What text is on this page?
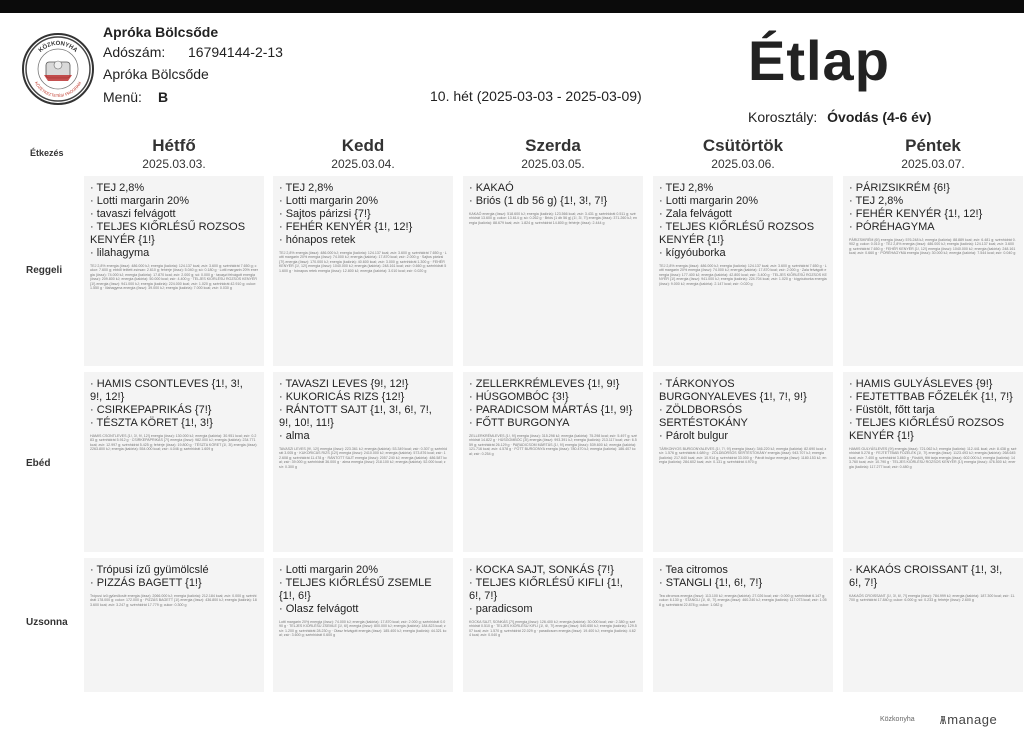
KÖZKONYHA
KÖZÉTKEZTETÉSI PROGRAM
Apróka Bölcsőde
Adószám: 16794144-2-13
Apróka Bölcsőde
Menü: B
Étlap
10. hét (2025-03-03 - 2025-03-09)
Korosztály: Óvodás (4-6 év)
Étkezés	Hétfő
2025.03.03.
Kedd
2025.03.04.
Szerda
2025.03.05.
Csütörtök
2025.03.06.
Péntek
2025.03.07.
Reggeli
Ebéd
Uzsonna
· TEJ 2,8%
· Lotti margarin 20%
· tavaszi felvágott
· TELJES KIŐRLÉSŰ ROZSOS KENYÉR {1!}
· lilahagyma
TEJ 2,8% energia (össz): 486.000 kJ; energia (kalória): 124.137 kcal; zsír: 3.600 g; szénhidrát 7.650 g; cukor: 7.600 g; ebből telített zsírsav: 2.610 g; fehérje (össz): 5.040 g; só: 0.180 g · Lotti margarin 20% energia (össz): 74.000 kJ; energia (kalória): 17.870 kcal; zsír: 2.000 g; só: 0.000 g · tavaszi felvágott energia (össz): 209.800 kJ; energia (kalória): 50.000 kcal; zsír: 4.400 g · TELJES KIŐRLÉSŰ ROZSOS KENYÉR {1!} energia (össz): 941.000 kJ; energia (kalória): 224.000 kcal; zsír: 1.020 g; szénhidrát 42.910 g; cukor: 1.550 g · lilahagyma energia (össz): 39.000 kJ; energia (kalória): 7.000 kcal; zsír: 0.030 g
· TEJ 2,8%
· Lotti margarin 20%
· Sajtos párizsi {7!}
· FEHÉR KENYÉR {1!, 12!}
· hónapos retek
TEJ 2,8% energia (össz): 486.000 kJ; energia (kalória): 124.137 kcal; zsír: 3.600 g; szénhidrát 7.650 g · Lotti margarin 20% energia (össz): 74.000 kJ; energia (kalória): 17.870 kcal; zsír: 2.000 g · Sajtos párizsi {7!} energia (össz): 170.000 kJ; energia (kalória): 40.600 kcal; zsír: 3.000 g; szénhidrát 1.300 g · FEHÉR KENYÉR {1!, 12!} energia (össz): 1040.000 kJ; energia (kalória): 248.161 kcal; zsír: 0.660 g; szénhidrát 51.600 g · hónapos retek energia (össz): 12.800 kJ; energia (kalória): 3.010 kcal; zsír: 0.020 g
· KAKAÓ
· Briós (1 db 56 g) {1!, 3!, 7!}
KAKAÓ energia (össz): 518.600 kJ; energia (kalória): 123.566 kcal; zsír: 3.431 g; szénhidrát 0.511 g; szénhidrát 13.600 g; cukor: 13.614 g; só: 0.262 g · Briós (1 db 56 g) {1!, 3!, 7!} energia (össz): 371.260 kJ; energia (kalória): 88.679 kcal; zsír: 1.824 g; szénhidrát 14.800 g; fehérje (össz): 2.444 g
· TEJ 2,8%
· Lotti margarin 20%
· Zala felvágott
· TELJES KIŐRLÉSŰ ROZSOS KENYÉR {1!}
· kígyóuborka
TEJ 2,8% energia (össz): 486.000 kJ; energia (kalória): 124.137 kcal; zsír: 3.600 g; szénhidrát 7.650 g · Lotti margarin 20% energia (össz): 74.000 kJ; energia (kalória): 17.870 kcal; zsír: 2.000 g · Zala felvágott energia (össz): 177.400 kJ; energia (kalória): 42.800 kcal; zsír: 3.400 g · TELJES KIŐRLÉSŰ ROZSOS KENYÉR {1!} energia (össz): 941.000 kJ; energia (kalória): 224.704 kcal; zsír: 1.020 g · kígyóuborka energia (össz): 9.000 kJ; energia (kalória): 2.147 kcal; zsír: 0.020 g
· PÁRIZSIKRÉM {6!}
· TEJ 2,8%
· FEHÉR KENYÉR {1!, 12!}
· PÓRÉHAGYMA
PÁRIZSIKRÉM {6!} energia (össz): 576.248 kJ; energia (kalória): 88.889 kcal; zsír: 6.481 g; szénhidrát 0.902 g; cukor: 0.010 g · TEJ 2,8% energia (össz): 486.000 kJ; energia (kalória): 124.137 kcal; zsír: 3.600 g; szénhidrát 7.650 g · FEHÉR KENYÉR {1!, 12!} energia (össz): 1040.000 kJ; energia (kalória): 248.161 kcal; zsír: 0.660 g · PÓRÉHAGYMA energia (össz): 30.000 kJ; energia (kalória): 7.544 kcal; zsír: 0.040 g
· HAMIS CSONTLEVES {1!, 3!, 9!, 12!}
· CSIRKEPAPRIKÁS {7!}
· TÉSZTA KÖRET {1!, 3!}
HAMIS CSONTLEVES {1!, 3!, 9!, 12!} energia (össz): 130.000 kJ; energia (kalória): 30.951 kcal; zsír: 0.283 g; szénhidrát 5.912 g · CSIRKEPAPRIKÁS {7!} energia (össz): 982.000 kJ; energia (kalória): 234.771 kcal; zsír: 12.997 g; szénhidrát 5.425 g; fehérje (össz): 19.800 g · TÉSZTA KÖRET {1!, 3!} energia (össz): 2263.800 kJ; energia (kalória): 554.000 kcal; zsír: 4.046 g; szénhidrát 1.609 g
· TAVASZI LEVES {9!, 12!}
· KUKORICÁS RIZS {12!}
· RÁNTOTT SAJT {1!, 3!, 6!, 7!, 9!, 10!, 11!}
· alma
TAVASZI LEVES {9!, 12!} energia (össz): 223.361 kJ; energia (kalória): 53.349 kcal; zsír: 0.307 g; szénhidrát 3.005 g · KUKORICÁS RIZS {12!} energia (össz): 2410.000 kJ; energia (kalória): 573.876 kcal; zsír: 12.608 g; szénhidrát 11.478 g · RÁNTOTT SAJT energia (össz): 2057.240 kJ; energia (kalória): 486.587 kcal; zsír: 39.000 g; szénhidrát 36.000 g · alma energia (össz): 218.100 kJ; energia (kalória): 52.000 kcal; zsír: 0.300 g
· ZELLERKRÉMLEVES {1!, 9!}
· HÚSGOMBÓC {3!}
· PARADICSOM MÁRTÁS {1!, 9!}
· FŐTT BURGONYA
ZELLERKRÉMLEVES {1!, 9!} energia (össz): 315.298 kJ; energia (kalória): 75.298 kcal; zsír: 5.497 g; szénhidrát 14.822 g · HÚSGOMBÓC {3!} energia (össz): 993.391 kJ; energia (kalória): 213.117 kcal; zsír: 6.559 g; szénhidrát 26.129 g · PARADICSOM MÁRTÁS {1!, 9!} energia (össz): 539.600 kJ; energia (kalória): 121.716 kcal; zsír: 4.578 g · FŐTT BURGONYA energia (össz): 780.470 kJ; energia (kalória): 186.407 kcal; zsír: 0.254 g
· TÁRKONYOS BURGONYALEVES {1!, 7!, 9!}
· ZÖLDBORSÓS SERTÉSTOKÁNY
· Párolt bulgur
TÁRKONYOS BURGONYALEVES {1!, 7!, 9!} energia (össz): 346.220 kJ; energia (kalória): 82.690 kcal; zsír: 1.576 g; szénhidrát 4.689 g · ZÖLDBORSÓS SERTÉSTOKÁNY energia (össz): 943.707 kJ; energia (kalória): 217.640 kcal; zsír: 10.914 g; szénhidrát 33.000 g · Párolt bulgur energia (össz): 1180.153 kJ; energia (kalória): 284.602 kcal; zsír: 0.131 g; szénhidrát 4.970 g
· HAMIS GULYÁSLEVES {9!}
· FEJTETTBAB FŐZELÉK {1!, 7!}
· Füstölt, főtt tarja
· TELJES KIŐRLÉSŰ ROZSOS KENYÉR {1!}
HAMIS GULYÁSLEVES {9!} energia (össz): 721.062 kJ; energia (kalória): 112.441 kcal; zsír: 8.438 g; szénhidrát 5.278 g · FEJTETTBAB FŐZELÉK {1!, 7!} energia (össz): 1123.493 kJ; energia (kalória): 268.645 kcal; zsír: 7.400 g; szénhidrát 3.860 g · Füstölt, főtt tarja energia (össz): 602.000 kJ; energia (kalória): 143.760 kcal; zsír: 10.790 g · TELJES KIŐRLÉSŰ ROZSOS KENYÉR {1!} energia (össz): 476.500 kJ; energia (kalória): 117.277 kcal; zsír: 0.480 g
· Trópusi ízű gyümölcslé
· PIZZÁS BAGETT {1!}
Trópusi ízű gyümölcslé energia (össz): 2066.000 kJ; energia (kalória): 212.184 kcal; zsír: 0.000 g; szénhidrát 178.000 g; cukor: 172.000 g · PIZZÁS BAGETT {1!} energia (össz): 436.800 kJ; energia (kalória): 183.600 kcal; zsír: 3.247 g; szénhidrát 17.779 g; cukor: 0.300 g
· Lotti margarin 20%
· TELJES KIŐRLÉSŰ ZSEMLE {1!, 6!}
· Olasz felvágott
Lotti margarin 20% energia (össz): 74.000 kJ; energia (kalória): 17.870 kcal; zsír: 2.000 g; szénhidrát 0.090 g · TELJES KIŐRLÉSŰ ZSEMLE {1!, 6!} energia (össz): 800.000 kJ; energia (kalória): 184.823 kcal; zsír: 1.200 g; szénhidrát 28.230 g · Olasz felvágott energia (össz): 185.400 kJ; energia (kalória): 44.321 kcal; zsír: 3.600 g; szénhidrát 0.600 g
· KOCKA SAJT, SONKÁS {7!}
· TELJES KIŐRLÉSŰ KIFLI {1!, 6!, 7!}
· paradicsom
KOCKA SAJT, SONKÁS {7!} energia (össz): 126.400 kJ; energia (kalória): 30.000 kcal; zsír: 2.380 g; szénhidrát 0.510 g · TELJES KIŐRLÉSŰ KIFLI {1!, 6!, 7!} energia (össz): 540.650 kJ; energia (kalória): 129.507 kcal; zsír: 1.570 g; szénhidrát 22.029 g · paradicsom energia (össz): 19.400 kJ; energia (kalória): 4.624 kcal; zsír: 0.040 g
· Tea citromos
· STANGLI {1!, 6!, 7!}
Tea citromos energia (össz): 113.100 kJ; energia (kalória): 27.026 kcal; zsír: 0.000 g; szénhidrát 6.147 g; cukor: 6.130 g · STANGLI {1!, 6!, 7!} energia (össz): 460.240 kJ; energia (kalória): 117.073 kcal; zsír: 1.058 g; szénhidrát 22.878 g; cukor: 1.082 g
· KAKAÓS CROISSANT {1!, 3!, 6!, 7!}
KAKAÓS CROISSANT {1!, 3!, 6!, 7!} energia (össz): 784.999 kJ; energia (kalória): 187.300 kcal; zsír: 11.700 g; szénhidrát 17.840 g; cukor: 6.000 g; só: 0.233 g; fehérje (össz): 2.600 g
Közkonyha /\/\ manage
